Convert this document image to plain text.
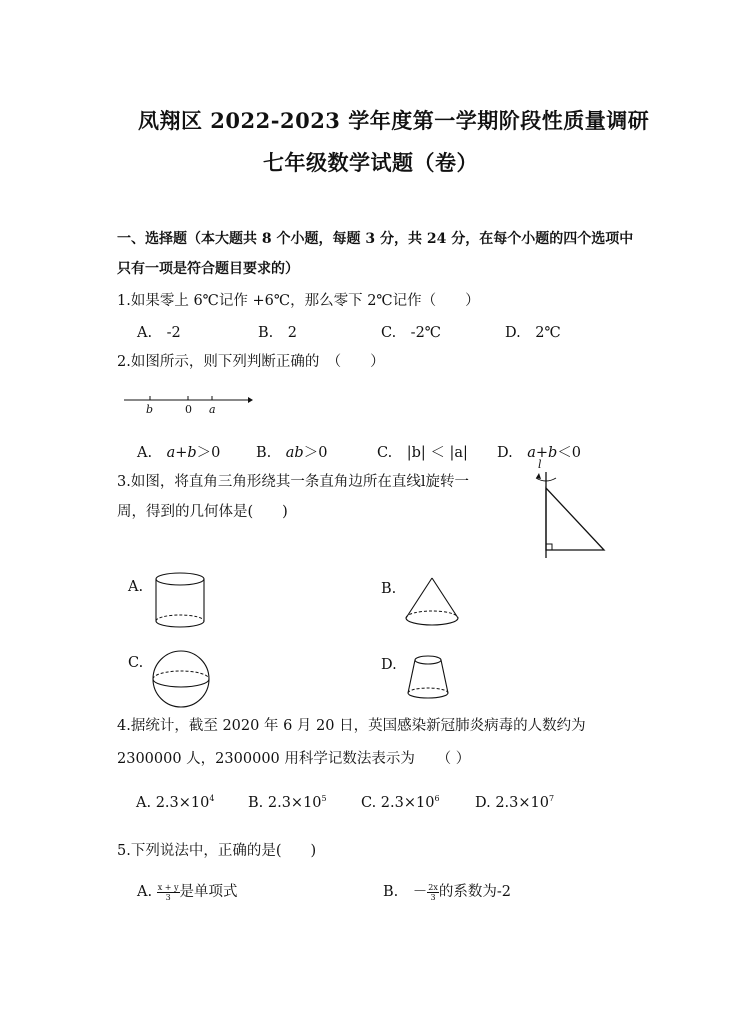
凤翔区 2022-2023 学年度第一学期阶段性质量调研
七年级数学试题（卷）
一、选择题（本大题共 8 个小题，每题 3 分，共 24 分，在每个小题的四个选项中
只有一项是符合题目要求的）
1.如果零上 6℃记作 +6℃，那么零下 2℃记作（　　）
A.　-2	B.　2	C.　-2℃	D.　2℃
2.如图所示，则下列判断正确的　（　　）
b	0 a
A.　a+b＞0 B.　ab＞0	C.　|b| ＜ |a| D.　a+b＜0
3.如图，将直角三角形绕其一条直角边所在直线l旋转一
周，得到的几何体是(　　)
l
A.	B.
C.	D.
4.据统计，截至 2020 年 6 月 20 日，英国感染新冠肺炎病毒的人数约为
2300000 人，2300000 用科学记数法表示为　　（ ）
A. $2.3\times 10^4$ B. $2.3\times 10^5$ C. $2.3\times 10^6$ D. $2.3\times 10^7$
5.下列说法中，正确的是(　　)
A. $\frac{x + y}{3}$ 是单项式	B.　－ $\frac{2x}{3}$ 的系数为-2
